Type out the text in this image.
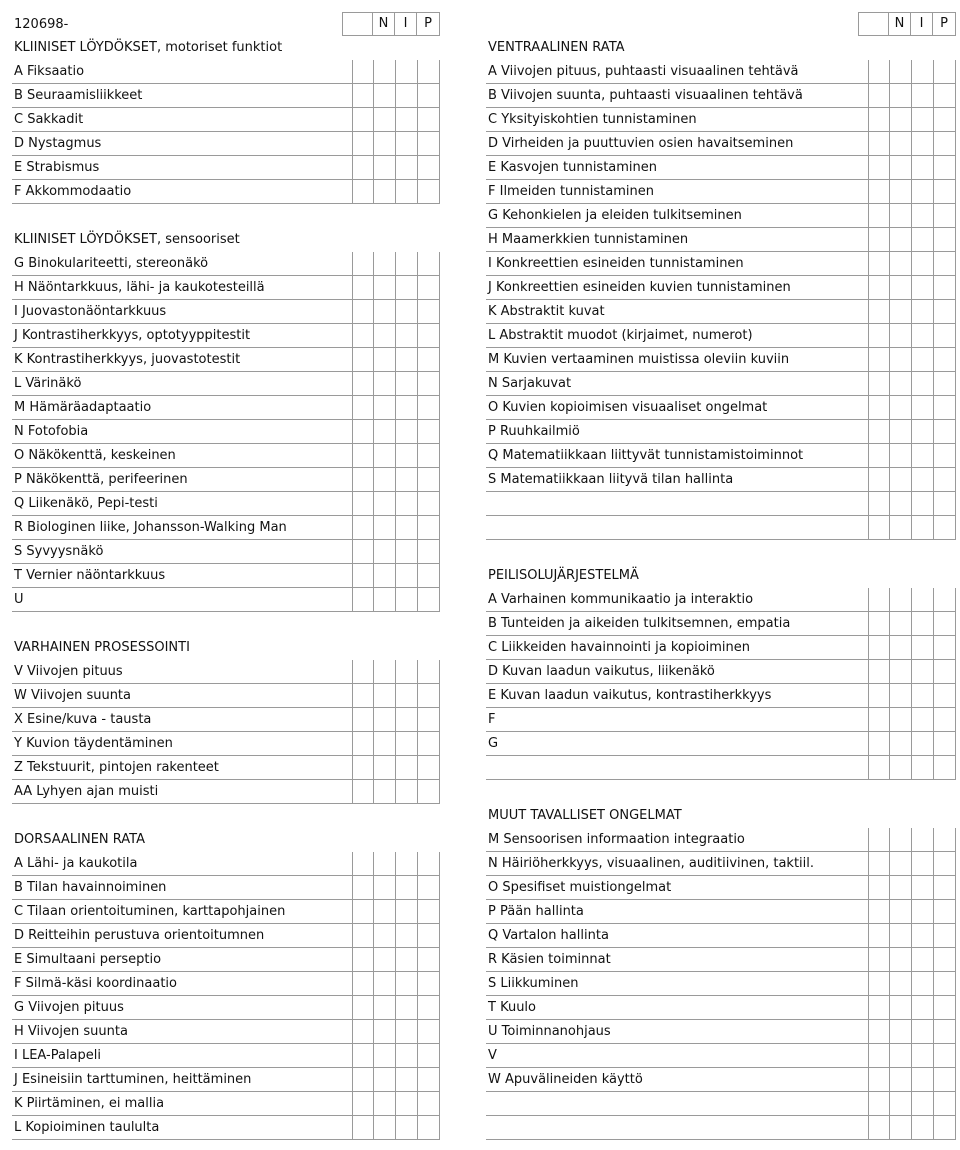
120698-	N	I	P
KLIINISET LÖYDÖKSET, motoriset funktiot
A Fiksaatio
B Seuraamisliikkeet
C Sakkadit
D Nystagmus
E Strabismus
F Akkommodaatio
KLIINISET LÖYDÖKSET, sensooriset
G Binokulariteetti, stereonäkö
H Näöntarkkuus, lähi- ja kaukotesteillä
I Juovastonäöntarkkuus
J Kontrastiherkkyys, optotyyppitestit
K Kontrastiherkkyys, juovastotestit
L Värinäkö
M Hämäräadaptaatio
N Fotofobia
O Näkökenttä, keskeinen
P Näkökenttä, perifeerinen
Q Liikenäkö, Pepi-testi
R Biologinen liike, Johansson-Walking Man
S Syvyysnäkö
T Vernier näöntarkkuus
U
VARHAINEN PROSESSOINTI
V Viivojen pituus
W Viivojen suunta
X Esine/kuva - tausta
Y Kuvion täydentäminen
Z Tekstuurit, pintojen rakenteet
AA Lyhyen ajan muisti
DORSAALINEN RATA
A Lähi- ja kaukotila
B Tilan havainnoiminen
C Tilaan orientoituminen, karttapohjainen
D Reitteihin perustuva orientoitumnen
E Simultaani perseptio
F Silmä-käsi koordinaatio
G Viivojen pituus
H Viivojen suunta
I LEA-Palapeli
J Esineisiin tarttuminen, heittäminen
K Piirtäminen, ei mallia
L Kopioiminen taululta
N	I	P
VENTRAALINEN RATA
A Viivojen pituus, puhtaasti visuaalinen tehtävä
B Viivojen suunta, puhtaasti visuaalinen tehtävä
C Yksityiskohtien tunnistaminen
D Virheiden ja puuttuvien osien havaitseminen
E Kasvojen tunnistaminen
F Ilmeiden tunnistaminen
G Kehonkielen ja eleiden tulkitseminen
H Maamerkkien tunnistaminen
I Konkreettien esineiden tunnistaminen
J Konkreettien esineiden kuvien tunnistaminen
K Abstraktit kuvat
L Abstraktit muodot (kirjaimet, numerot)
M Kuvien vertaaminen muistissa oleviin kuviin
N Sarjakuvat
O Kuvien kopioimisen visuaaliset ongelmat
P Ruuhkailmiö
Q Matematiikkaan liittyvät tunnistamistoiminnot
S Matematiikkaan liityvä tilan hallinta
PEILISOLUJÄRJESTELMÄ
A Varhainen kommunikaatio ja interaktio
B Tunteiden ja aikeiden tulkitsemnen, empatia
C Liikkeiden havainnointi ja kopioiminen
D Kuvan laadun vaikutus, liikenäkö
E Kuvan laadun vaikutus, kontrastiherkkyys
F
G
MUUT TAVALLISET ONGELMAT
M Sensoorisen informaation integraatio
N Häiriöherkkyys, visuaalinen, auditiivinen, taktiil.
O Spesifiset muistiongelmat
P Pään hallinta
Q Vartalon hallinta
R Käsien toiminnat
S Liikkuminen
T Kuulo
U Toiminnanohjaus
V
W Apuvälineiden käyttö
